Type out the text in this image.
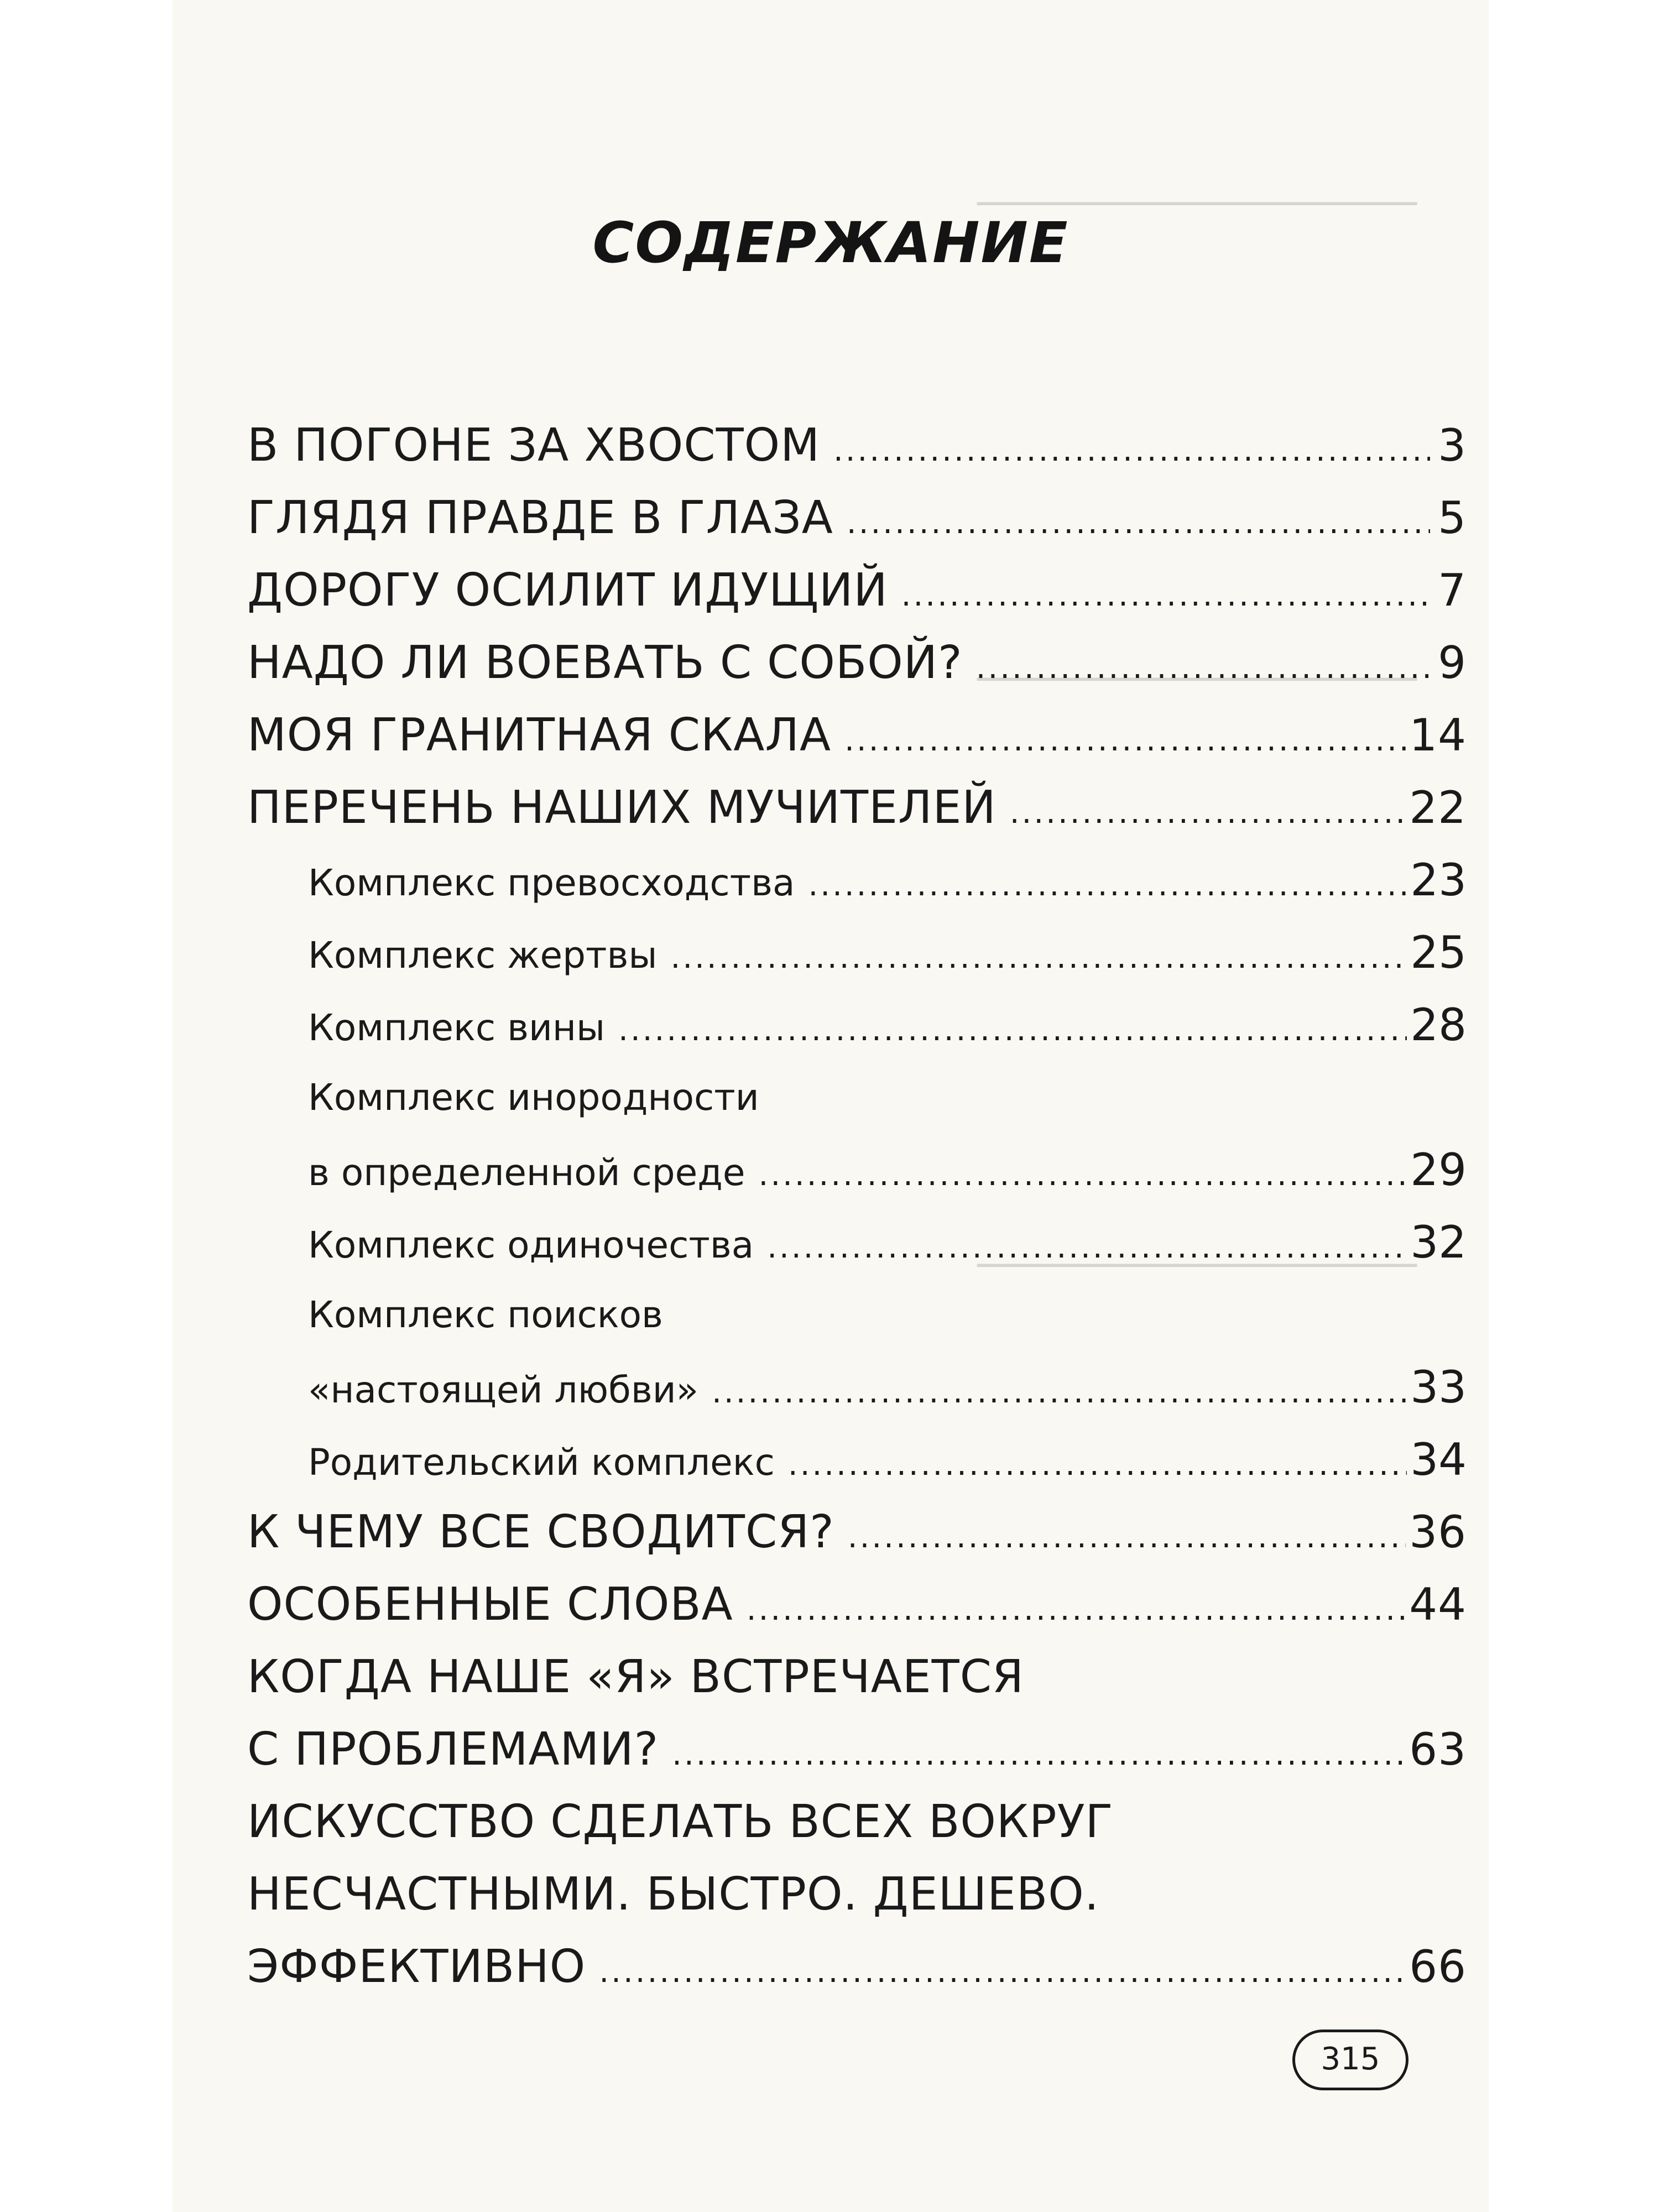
────────────────────
────────────────────
────────────────────
СОДЕРЖАНИЕ
В ПОГОНЕ ЗА ХВОСТОМ .....	3
ГЛЯДЯ ПРАВДЕ В ГЛАЗА .....	5
ДОРОГУ ОСИЛИТ ИДУЩИЙ .....	7
НАДО ЛИ ВОЕВАТЬ С СОБОЙ? .....	9
МОЯ ГРАНИТНАЯ СКАЛА .....	14
ПЕРЕЧЕНЬ НАШИХ МУЧИТЕЛЕЙ .....	22
Комплекс превосходства .....	23
Комплекс жертвы .....	25
Комплекс вины .....	28
Комплекс инородности
в определенной среде .....	29
Комплекс одиночества .....	32
Комплекс поисков
«настоящей любви» .....	33
Родительский комплекс .....	34
К ЧЕМУ ВСЕ СВОДИТСЯ? .....	36
ОСОБЕННЫЕ СЛОВА .....	44
КОГДА НАШЕ «Я» ВСТРЕЧАЕТСЯ
С ПРОБЛЕМАМИ? .....	63
ИСКУССТВО СДЕЛАТЬ ВСЕХ ВОКРУГ
НЕСЧАСТНЫМИ. БЫСТРО. ДЕШЕВО.
ЭФФЕКТИВНО .....	66
315
